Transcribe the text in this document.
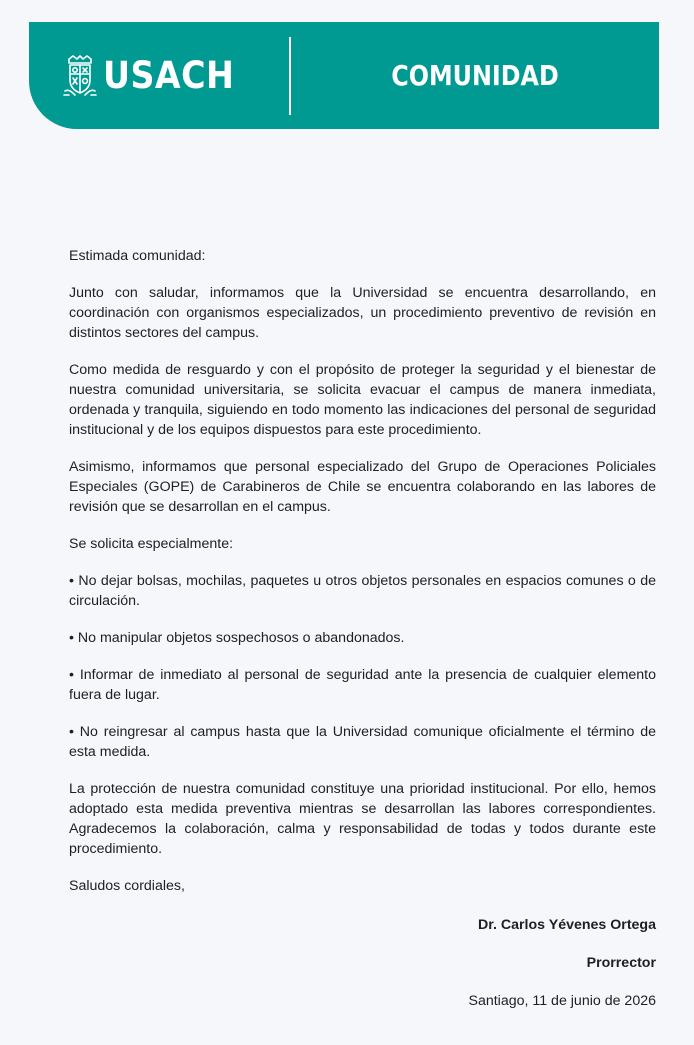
USACH	COMUNIDAD

Estimada comunidad:

Junto con saludar, informamos que la Universidad se encuentra desarrollando, en coordinación con organismos especializados, un procedimiento preventivo de revisión en distintos sectores del campus.

Como medida de resguardo y con el propósito de proteger la seguridad y el bienestar de nuestra comunidad universitaria, se solicita evacuar el campus de manera inmediata, ordenada y tranquila, siguiendo en todo momento las indicaciones del personal de seguridad institucional y de los equipos dispuestos para este procedimiento.

Asimismo, informamos que personal especializado del Grupo de Operaciones Policiales Especiales (GOPE) de Carabineros de Chile se encuentra colaborando en las labores de revisión que se desarrollan en el campus.

Se solicita especialmente:

• No dejar bolsas, mochilas, paquetes u otros objetos personales en espacios comunes o de circulación.

• No manipular objetos sospechosos o abandonados.

• Informar de inmediato al personal de seguridad ante la presencia de cualquier elemento fuera de lugar.

• No reingresar al campus hasta que la Universidad comunique oficialmente el término de esta medida.

La protección de nuestra comunidad constituye una prioridad institucional. Por ello, hemos adoptado esta medida preventiva mientras se desarrollan las labores correspondientes. Agradecemos la colaboración, calma y responsabilidad de todas y todos durante este procedimiento.

Saludos cordiales,

Dr. Carlos Yévenes Ortega

Prorrector

Santiago, 11 de junio de 2026
